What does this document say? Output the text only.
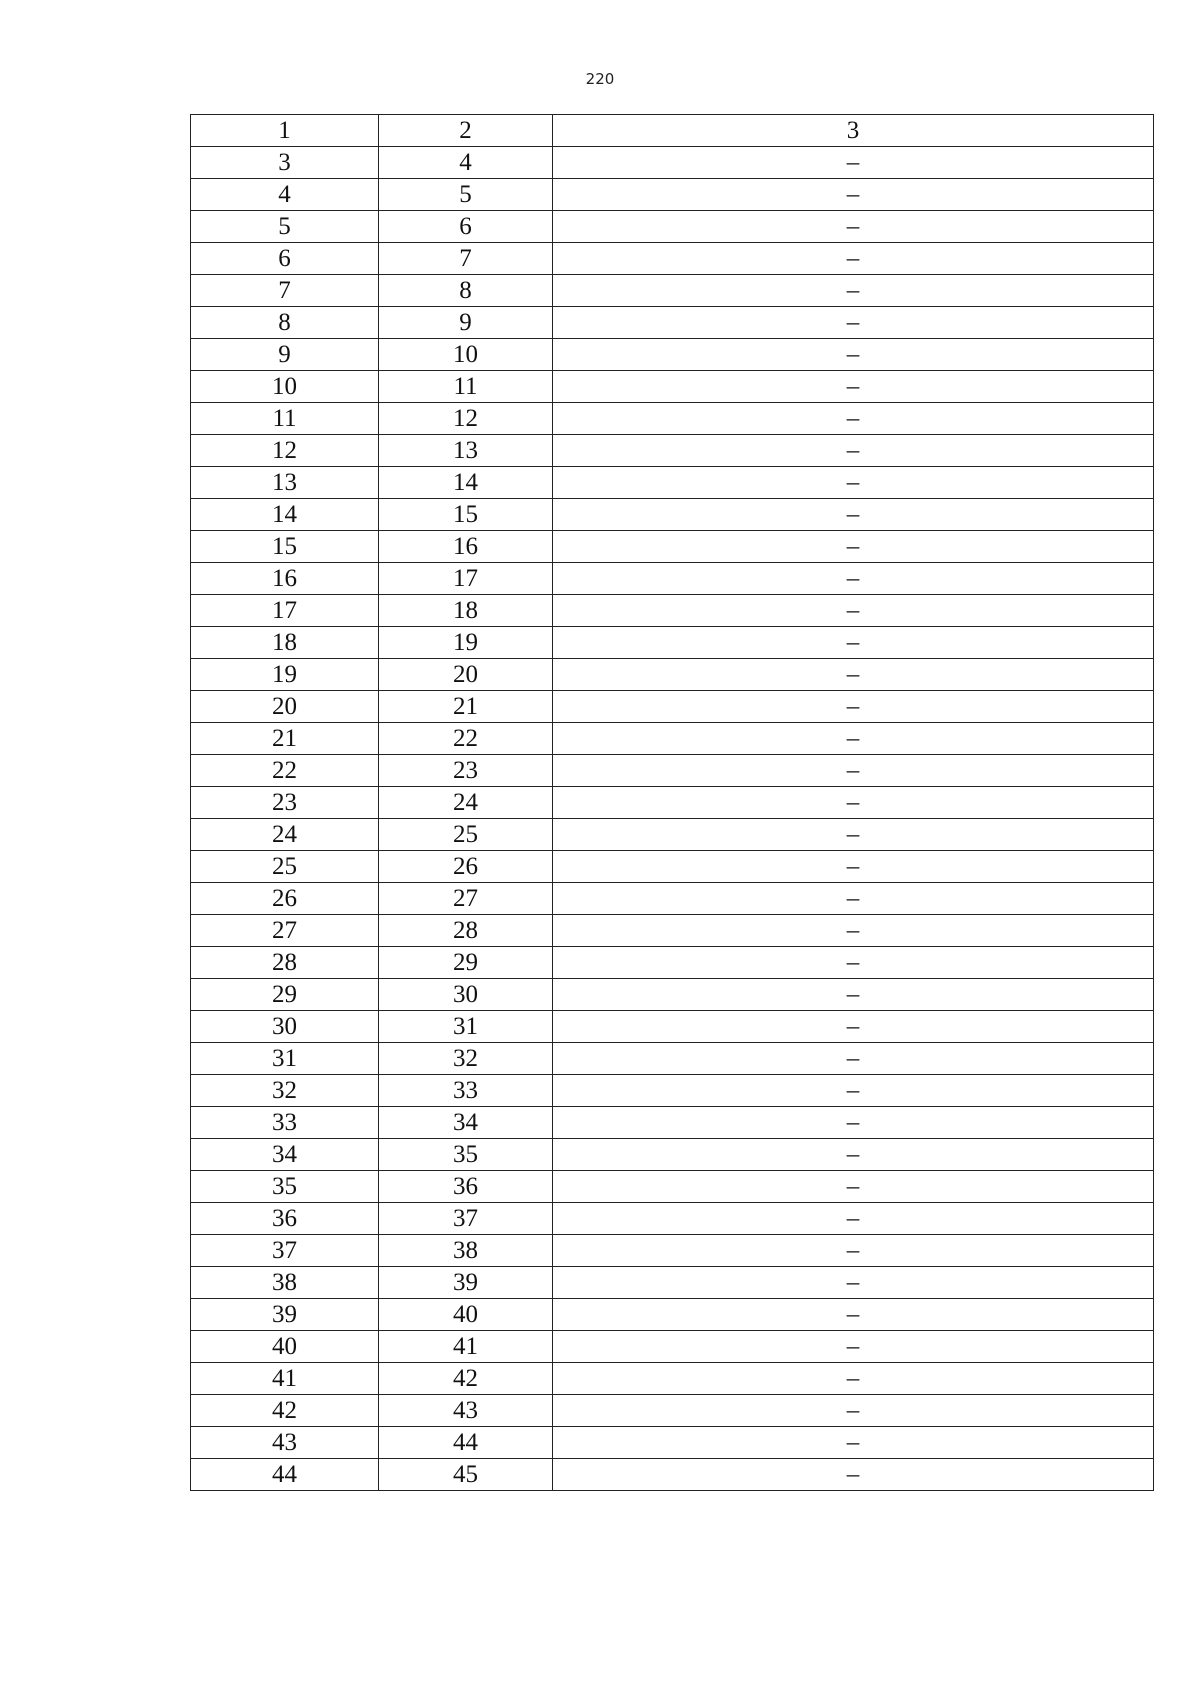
220
1	2	3
3	4	–
4	5	–
5	6	–
6	7	–
7	8	–
8	9	–
9	10	–
10	11	–
11	12	–
12	13	–
13	14	–
14	15	–
15	16	–
16	17	–
17	18	–
18	19	–
19	20	–
20	21	–
21	22	–
22	23	–
23	24	–
24	25	–
25	26	–
26	27	–
27	28	–
28	29	–
29	30	–
30	31	–
31	32	–
32	33	–
33	34	–
34	35	–
35	36	–
36	37	–
37	38	–
38	39	–
39	40	–
40	41	–
41	42	–
42	43	–
43	44	–
44	45	–
